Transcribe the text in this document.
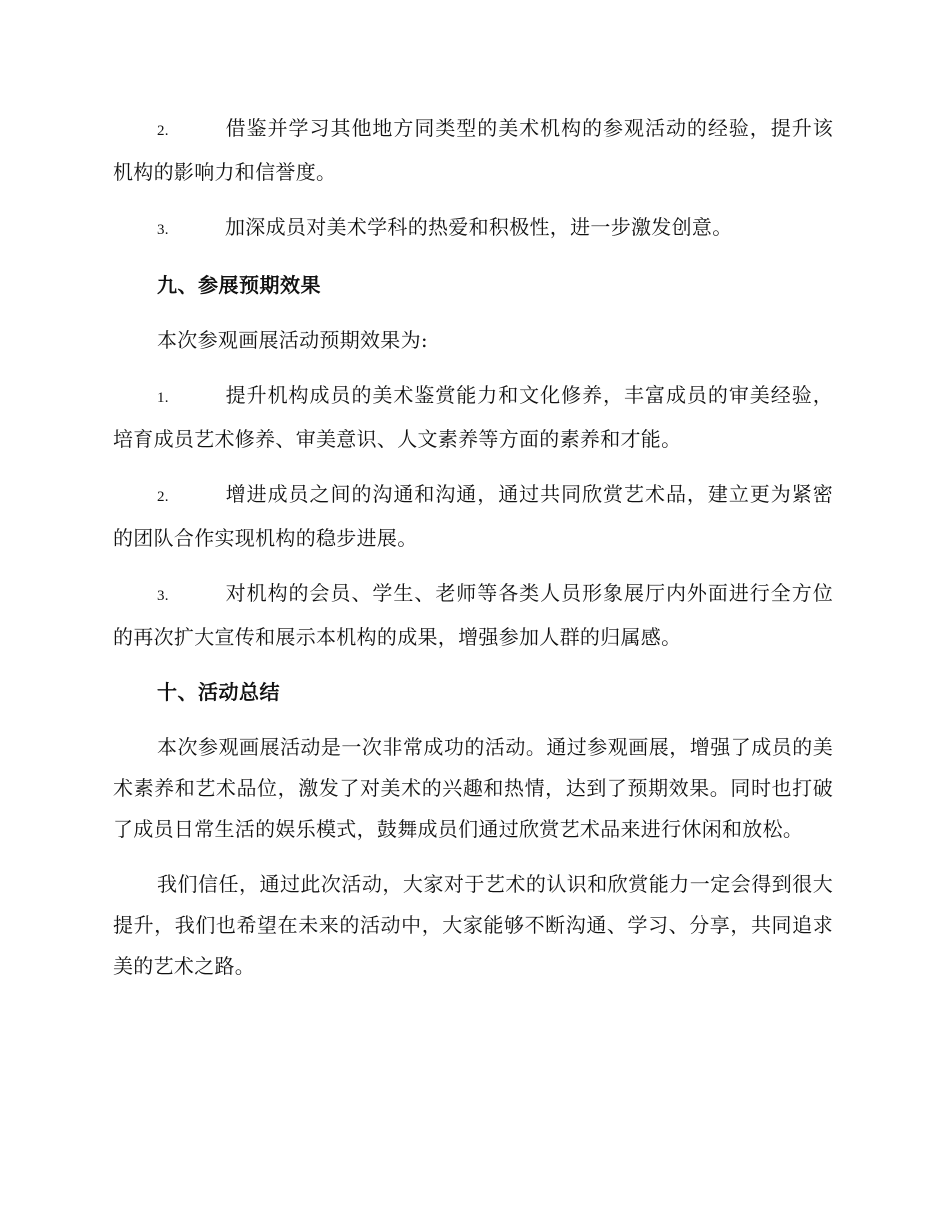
2.	借鉴并学习其他地方同类型的美术机构的参观活动的经验，提升该机构的影响力和信誉度。

3.	加深成员对美术学科的热爱和积极性，进一步激发创意。

九、参展预期效果

本次参观画展活动预期效果为:

1.	提升机构成员的美术鉴赏能力和文化修养，丰富成员的审美经验，培育成员艺术修养、审美意识、人文素养等方面的素养和才能。

2.	增进成员之间的沟通和沟通，通过共同欣赏艺术品，建立更为紧密的团队合作实现机构的稳步进展。

3.	对机构的会员、学生、老师等各类人员形象展厅内外面进行全方位的再次扩大宣传和展示本机构的成果，增强参加人群的归属感。

十、活动总结

本次参观画展活动是一次非常成功的活动。通过参观画展，增强了成员的美术素养和艺术品位，激发了对美术的兴趣和热情，达到了预期效果。同时也打破了成员日常生活的娱乐模式，鼓舞成员们通过欣赏艺术品来进行休闲和放松。

我们信任，通过此次活动，大家对于艺术的认识和欣赏能力一定会得到很大提升，我们也希望在未来的活动中，大家能够不断沟通、学习、分享，共同追求美的艺术之路。
